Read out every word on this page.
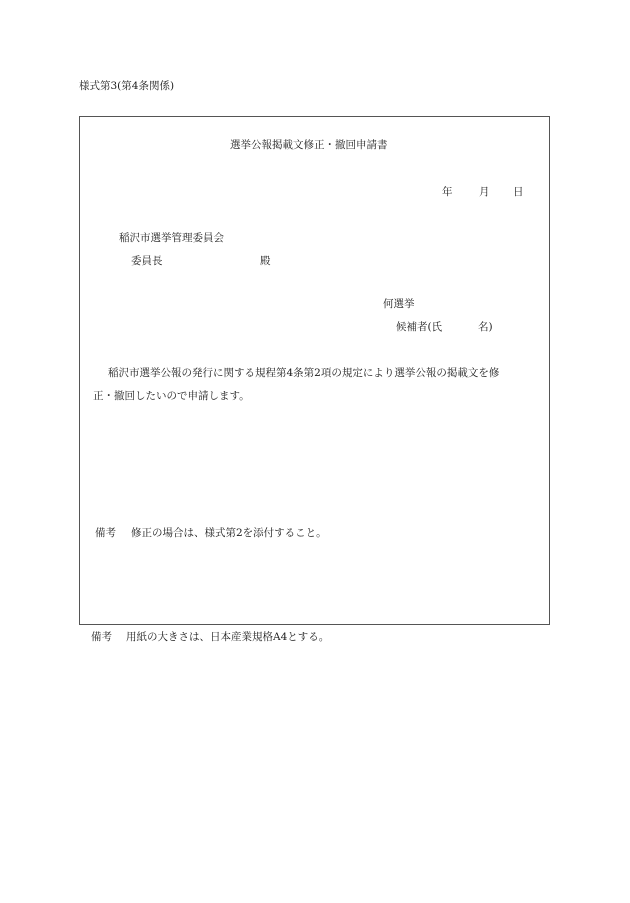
様式第3(第4条関係)
選挙公報掲載文修正・撤回申請書
年	月 日
稲沢市選挙管理委員会
委員長	殿
何選挙
候補者(氏	名)
稲沢市選挙公報の発行に関する規程第4条第2項の規定により選挙公報の掲載文を修
正・撤回したいので申請します。
備考 修正の場合は、様式第2を添付すること。
備考 用紙の大きさは、日本産業規格A4とする。
